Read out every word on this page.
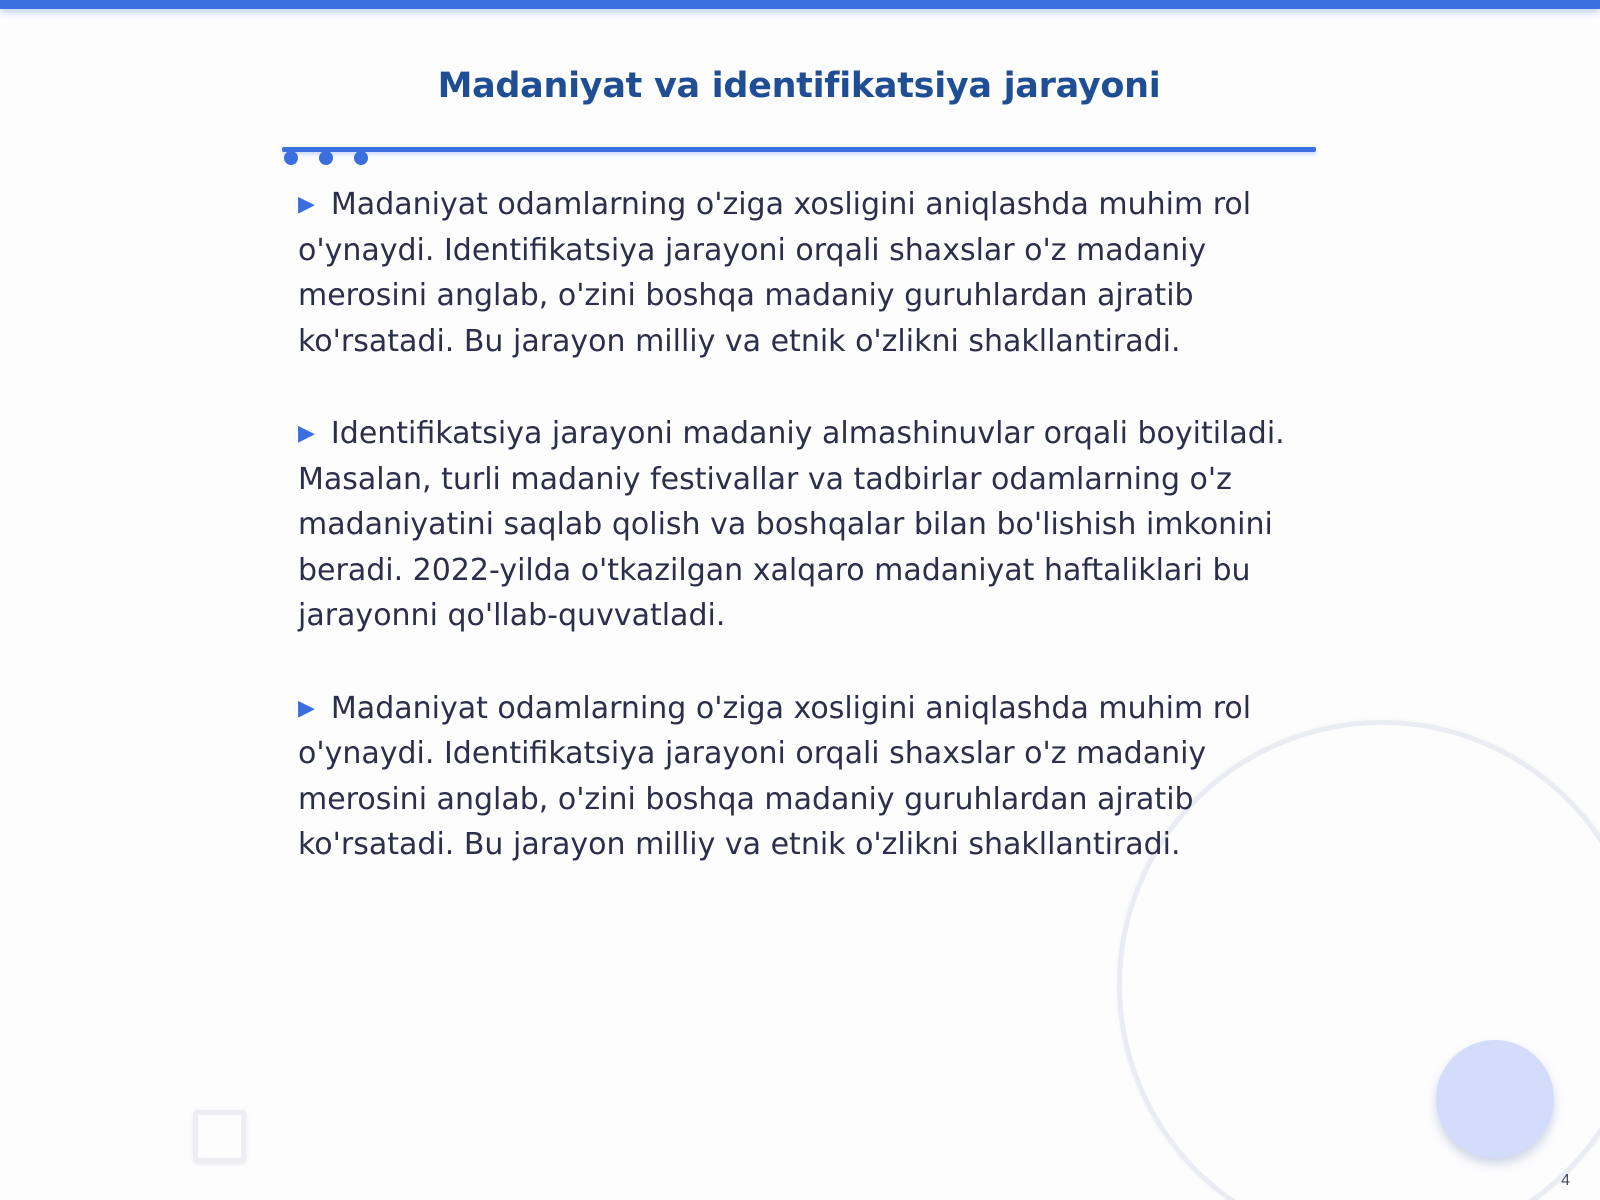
Madaniyat va identifikatsiya jarayoni

▶ Madaniyat odamlarning o'ziga xosligini aniqlashda muhim rol o'ynaydi. Identifikatsiya jarayoni orqali shaxslar o'z madaniy merosini anglab, o'zini boshqa madaniy guruhlardan ajratib ko'rsatadi. Bu jarayon milliy va etnik o'zlikni shakllantiradi.

▶ Identifikatsiya jarayoni madaniy almashinuvlar orqali boyitiladi. Masalan, turli madaniy festivallar va tadbirlar odamlarning o'z madaniyatini saqlab qolish va boshqalar bilan bo'lishish imkonini beradi. 2022-yilda o'tkazilgan xalqaro madaniyat haftaliklari bu jarayonni qo'llab-quvvatladi.

▶ Madaniyat odamlarning o'ziga xosligini aniqlashda muhim rol o'ynaydi. Identifikatsiya jarayoni orqali shaxslar o'z madaniy merosini anglab, o'zini boshqa madaniy guruhlardan ajratib ko'rsatadi. Bu jarayon milliy va etnik o'zlikni shakllantiradi.

4
